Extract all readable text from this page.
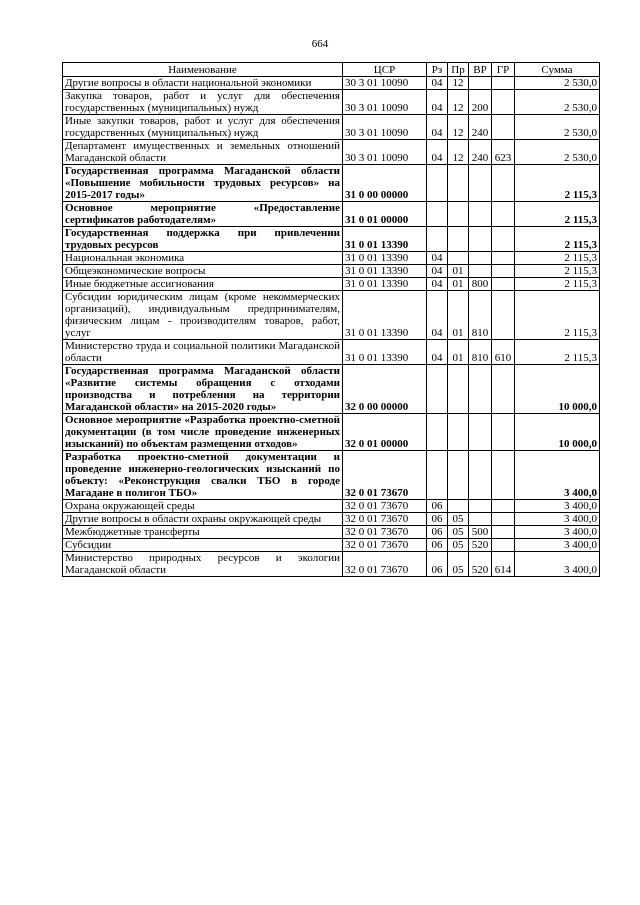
664
Наименование	ЦСР	Рз	Пр	ВР	ГР	Сумма
Другие вопросы в области национальной экономики	30 3 01 10090	04	12			2 530,0
Закупка товаров, работ и услуг для обеспечения государственных (муниципальных) нужд	30 3 01 10090	04	12	200		2 530,0
Иные закупки товаров, работ и услуг для обеспечения государственных (муниципальных) нужд	30 3 01 10090	04	12	240		2 530,0
Департамент имущественных и земельных отношений Магаданской области	30 3 01 10090	04	12	240	623	2 530,0
Государственная программа Магаданской области «Повышение мобильности трудовых ресурсов» на 2015-2017 годы»	31 0 00 00000					2 115,3
Основное мероприятие «Предоставление сертификатов работодателям»	31 0 01 00000					2 115,3
Государственная поддержка при привлечении трудовых ресурсов	31 0 01 13390					2 115,3
Национальная экономика	31 0 01 13390	04				2 115,3
Общеэкономические вопросы	31 0 01 13390	04	01			2 115,3
Иные бюджетные ассигнования	31 0 01 13390	04	01	800		2 115,3
Субсидии юридическим лицам (кроме некоммерческих организаций), индивидуальным предпринимателям, физическим лицам - производителям товаров, работ, услуг	31 0 01 13390	04	01	810		2 115,3
Министерство труда и социальной политики Магаданской области	31 0 01 13390	04	01	810	610	2 115,3
Государственная программа Магаданской области «Развитие системы обращения с отходами производства и потребления на территории Магаданской области» на 2015-2020 годы»	32 0 00 00000					10 000,0
Основное мероприятие «Разработка проектно-сметной документации (в том числе проведение инженерных изысканий) по объектам размещения отходов»	32 0 01 00000					10 000,0
Разработка проектно-сметной документации и проведение инженерно-геологических изысканий по объекту: «Реконструкция свалки ТБО в городе Магадане в полигон ТБО»	32 0 01 73670					3 400,0
Охрана окружающей среды	32 0 01 73670	06				3 400,0
Другие вопросы в области охраны окружающей среды	32 0 01 73670	06	05			3 400,0
Межбюджетные трансферты	32 0 01 73670	06	05	500		3 400,0
Субсидии	32 0 01 73670	06	05	520		3 400,0
Министерство природных ресурсов и экологии Магаданской области	32 0 01 73670	06	05	520	614	3 400,0
